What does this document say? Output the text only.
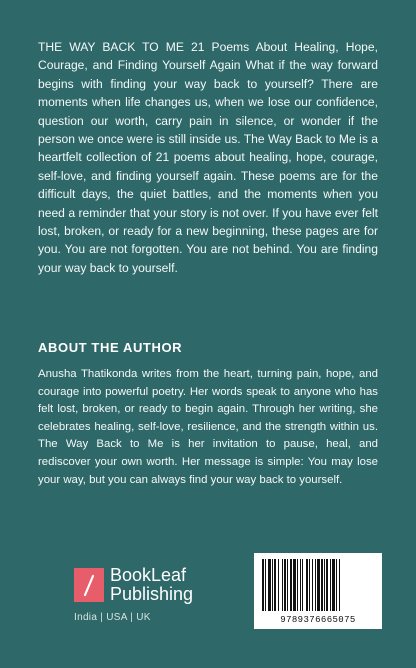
THE WAY BACK TO ME 21 Poems About Healing, Hope, Courage, and Finding Yourself Again What if the way forward begins with finding your way back to yourself? There are moments when life changes us, when we lose our confidence, question our worth, carry pain in silence, or wonder if the person we once were is still inside us. The Way Back to Me is a heartfelt collection of 21 poems about healing, hope, courage, self-love, and finding yourself again. These poems are for the difficult days, the quiet battles, and the moments when you need a reminder that your story is not over. If you have ever felt lost, broken, or ready for a new beginning, these pages are for you. You are not forgotten. You are not behind. You are finding your way back to yourself.

ABOUT THE AUTHOR

Anusha Thatikonda writes from the heart, turning pain, hope, and courage into powerful poetry. Her words speak to anyone who has felt lost, broken, or ready to begin again. Through her writing, she celebrates healing, self-love, resilience, and the strength within us. The Way Back to Me is her invitation to pause, heal, and rediscover your own worth. Her message is simple: You may lose your way, but you can always find your way back to yourself.

BookLeaf
Publishing
India | USA | UK	9789376665075
